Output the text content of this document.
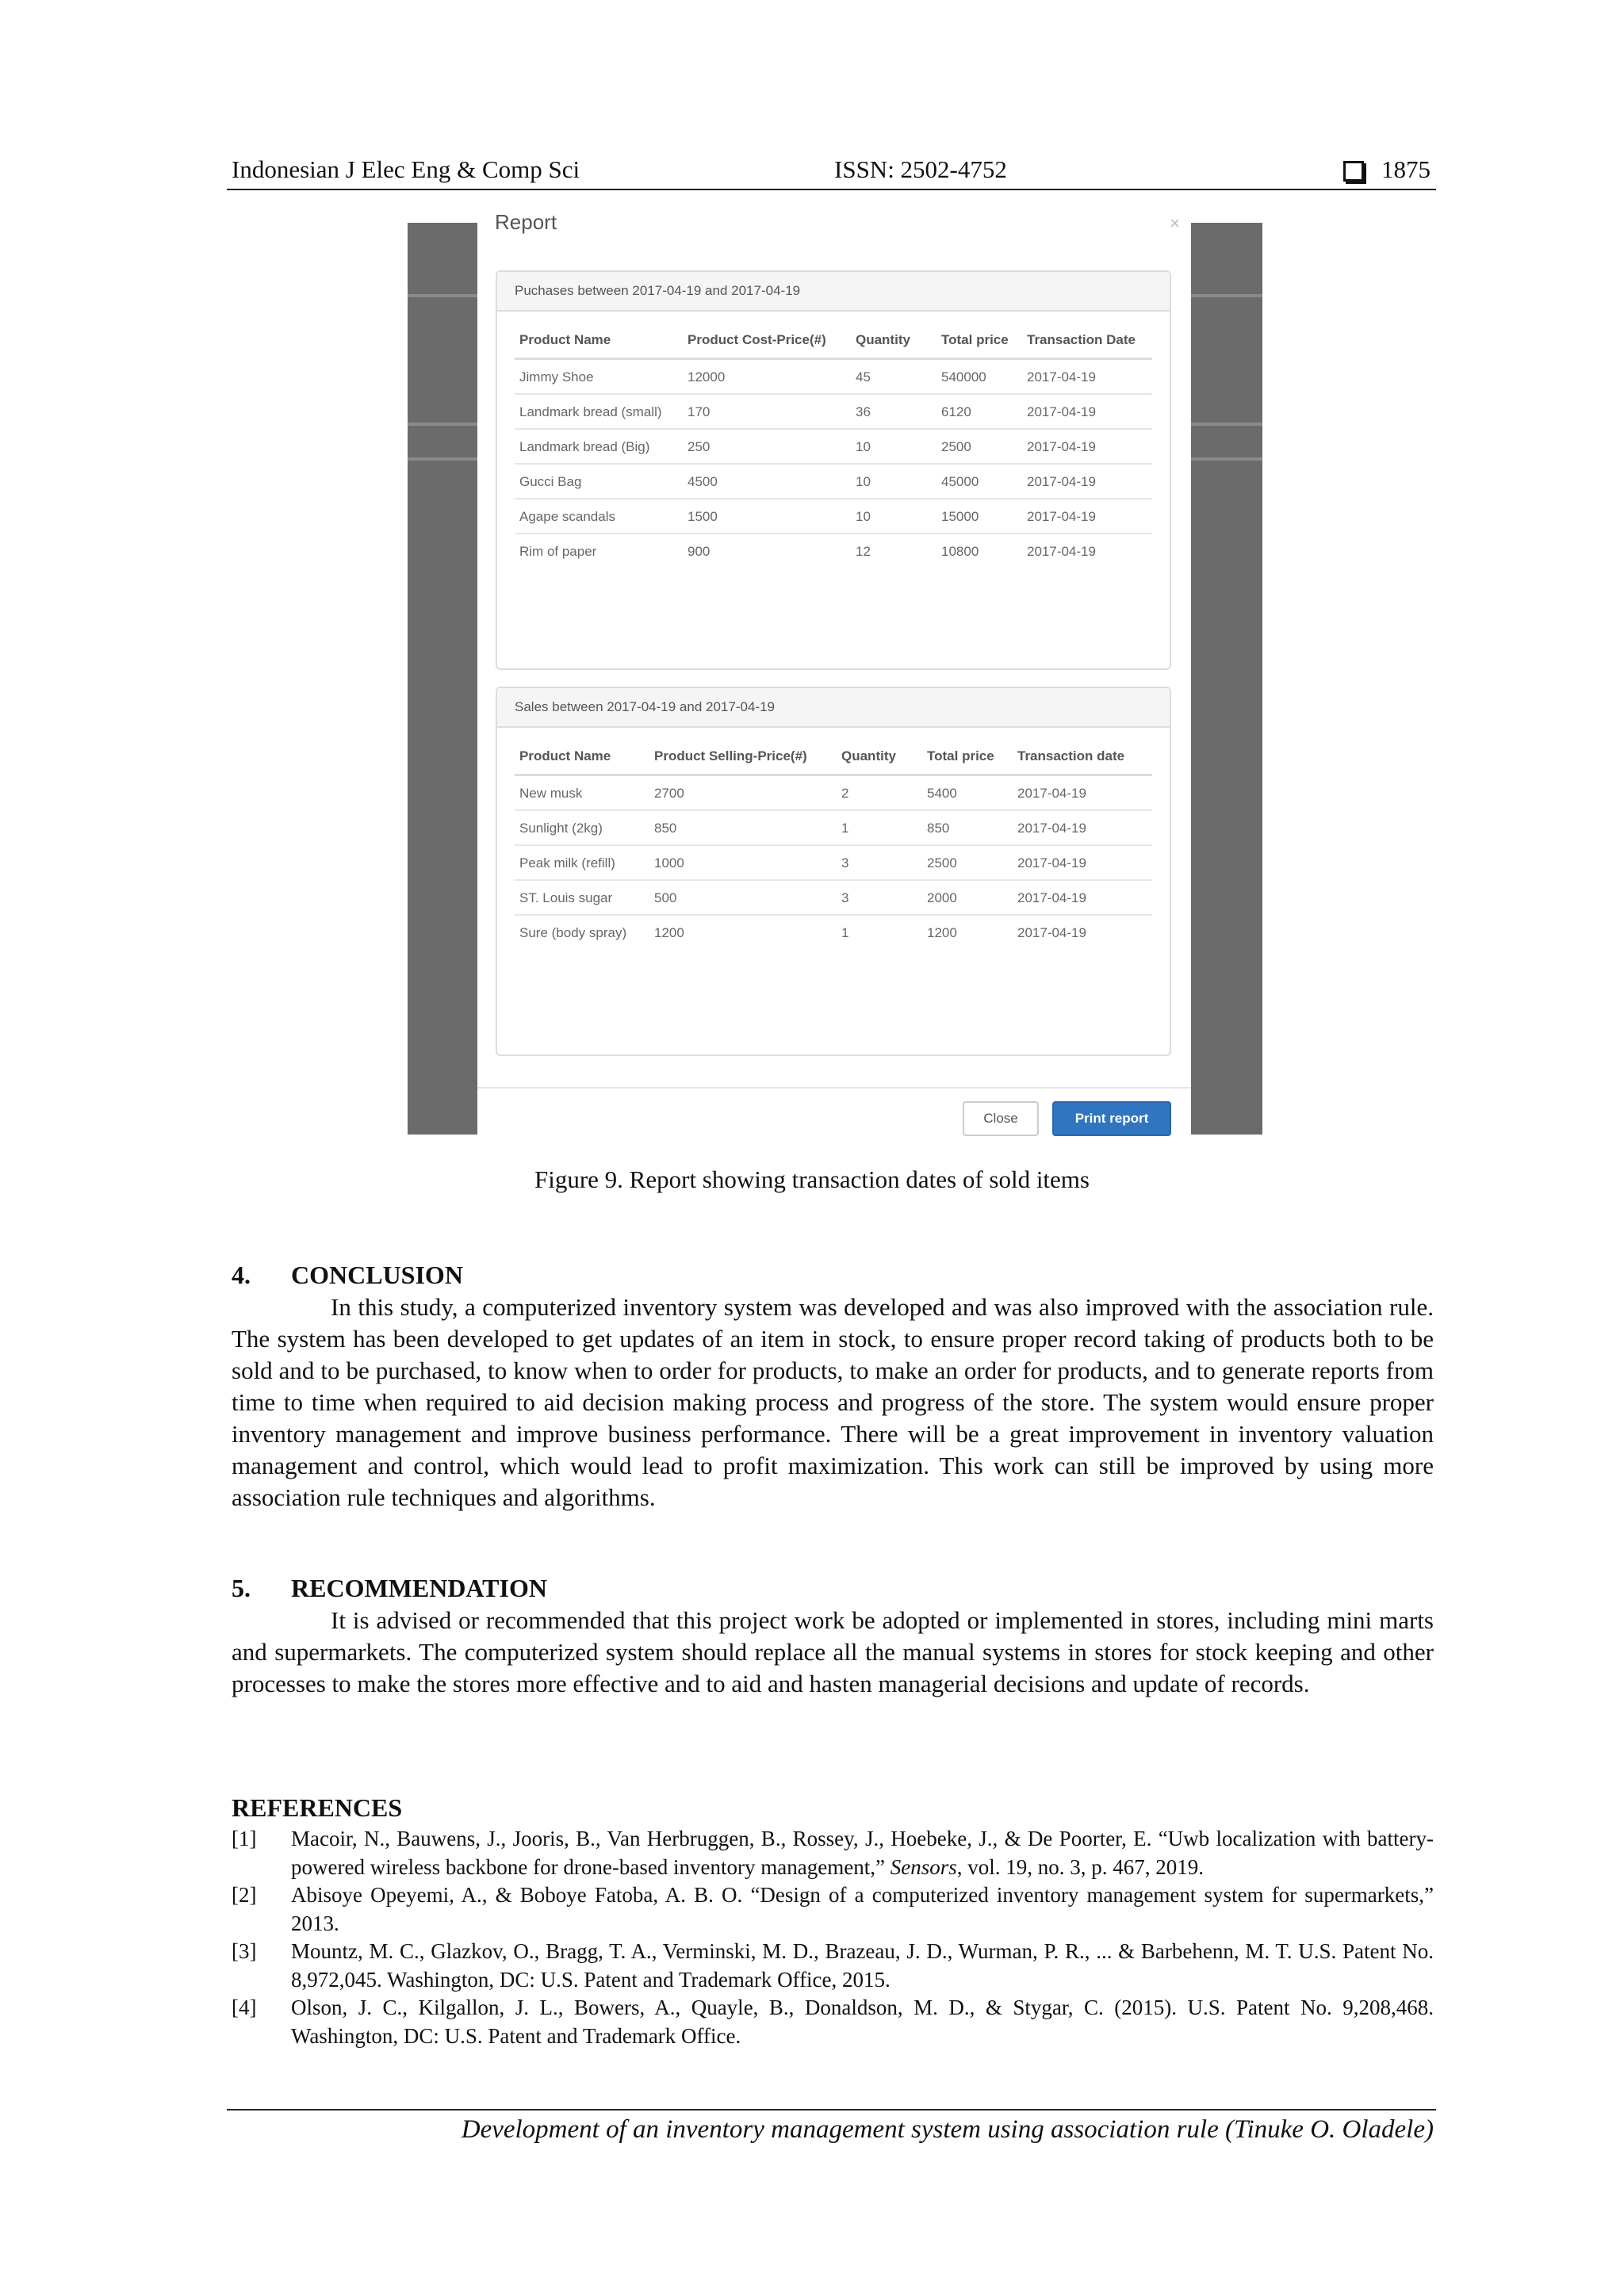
Indonesian J Elec Eng & Comp Sci	ISSN: 2502-4752	1875
Report	×
Puchases between 2017-04-19 and 2017-04-19
Product Name	Product Cost-Price(#)	Quantity	Total price	Transaction Date
Jimmy Shoe	12000	45	540000	2017-04-19
Landmark bread (small)	170	36	6120	2017-04-19
Landmark bread (Big)	250	10	2500	2017-04-19
Gucci Bag	4500	10	45000	2017-04-19
Agape scandals	1500	10	15000	2017-04-19
Rim of paper	900	12	10800	2017-04-19
Sales between 2017-04-19 and 2017-04-19
Product Name	Product Selling-Price(#)	Quantity	Total price	Transaction date
New musk	2700	2	5400	2017-04-19
Sunlight (2kg)	850	1	850	2017-04-19
Peak milk (refill)	1000	3	2500	2017-04-19
ST. Louis sugar	500	3	2000	2017-04-19
Sure (body spray)	1200	1	1200	2017-04-19
Close	Print report
Figure 9. Report showing transaction dates of sold items
4. CONCLUSION
In this study, a computerized inventory system was developed and was also improved with the association rule. The system has been developed to get updates of an item in stock, to ensure proper record taking of products both to be sold and to be purchased, to know when to order for products, to make an order for products, and to generate reports from time to time when required to aid decision making process and progress of the store. The system would ensure proper inventory management and improve business performance. There will be a great improvement in inventory valuation management and control, which would lead to profit maximization. This work can still be improved by using more association rule techniques and algorithms.
5. RECOMMENDATION
It is advised or recommended that this project work be adopted or implemented in stores, including mini marts and supermarkets. The computerized system should replace all the manual systems in stores for stock keeping and other processes to make the stores more effective and to aid and hasten managerial decisions and update of records.
REFERENCES
[1] Macoir, N., Bauwens, J., Jooris, B., Van Herbruggen, B., Rossey, J., Hoebeke, J., & De Poorter, E. “Uwb localization with battery-powered wireless backbone for drone-based inventory management,” Sensors, vol. 19, no. 3, p. 467, 2019.
[2] Abisoye Opeyemi, A., & Boboye Fatoba, A. B. O. “Design of a computerized inventory management system for supermarkets,” 2013.
[3] Mountz, M. C., Glazkov, O., Bragg, T. A., Verminski, M. D., Brazeau, J. D., Wurman, P. R., ... & Barbehenn, M. T. U.S. Patent No. 8,972,045. Washington, DC: U.S. Patent and Trademark Office, 2015.
[4] Olson, J. C., Kilgallon, J. L., Bowers, A., Quayle, B., Donaldson, M. D., & Stygar, C. (2015). U.S. Patent No. 9,208,468. Washington, DC: U.S. Patent and Trademark Office.
Development of an inventory management system using association rule (Tinuke O. Oladele)
